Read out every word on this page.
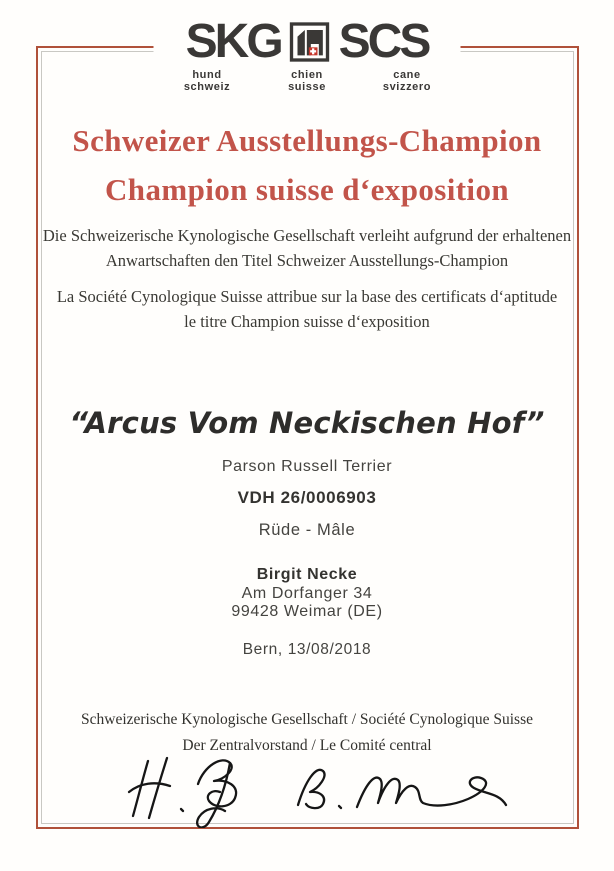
SKG SCS
hund schweiz
chien suisse
cane svizzero
Schweizer Ausstellungs-Champion
Champion suisse d‘exposition
Die Schweizerische Kynologische Gesellschaft verleiht aufgrund der erhaltenen
Anwartschaften den Titel Schweizer Ausstellungs-Champion
La Société Cynologique Suisse attribue sur la base des certificats d‘aptitude
le titre Champion suisse d‘exposition
“Arcus Vom Neckischen Hof”
Parson Russell Terrier
VDH 26/0006903
Rüde - Mâle
Birgit Necke
Am Dorfanger 34
99428 Weimar (DE)
Bern, 13/08/2018
Schweizerische Kynologische Gesellschaft / Société Cynologique Suisse
Der Zentralvorstand / Le Comité central
